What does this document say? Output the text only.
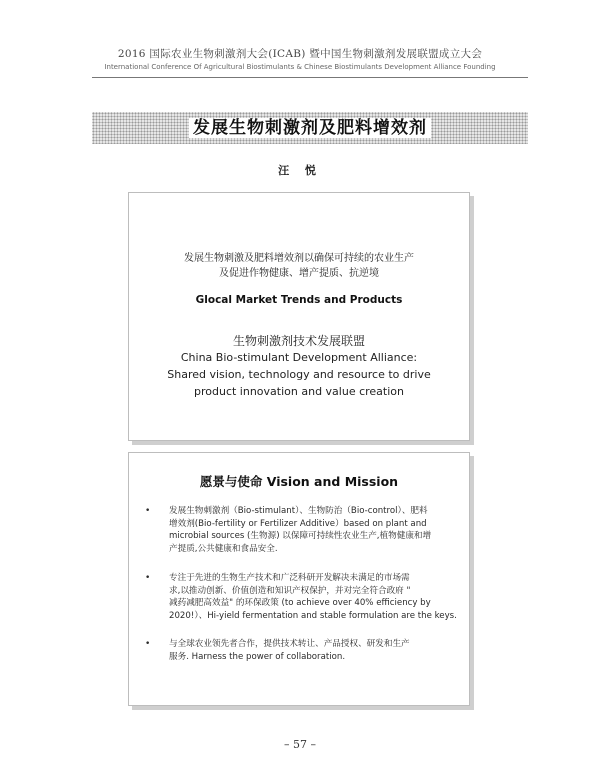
2016 国际农业生物刺激剂大会(ICAB) 暨中国生物刺激剂发展联盟成立大会
International Conference Of Agricultural Biostimulants & Chinese Biostimulants Development Alliance Founding
发展生物刺激剂及肥料增效剂
汪 悦
发展生物刺激及肥料增效剂以确保可持续的农业生产
及促进作物健康、增产提质、抗逆境
Glocal Market Trends and Products
生物刺激剂技术发展联盟
China Bio-stimulant Development Alliance:
Shared vision, technology and resource to drive
product innovation and value creation
愿景与使命 Vision and Mission
• 发展生物刺激剂（Bio-stimulant）、生物防治（Bio-control）、肥料
增效剂(Bio-fertility or Fertilizer Additive）based on plant and
microbial sources (生物源) 以保障可持续性农业生产,植物健康和增
产提质,公共健康和食品安全.
• 专注于先进的生物生产技术和广泛科研开发解决未满足的市场需
求,以推动创新、价值创造和知识产权保护，并对完全符合政府 "
减药减肥高效益" 的环保政策 (to achieve over 40% efficiency by
2020!）、Hi-yield fermentation and stable formulation are the keys.
• 与全球农业领先者合作，提供技术转让、产品授权、研发和生产
服务. Harness the power of collaboration.
– 57 –
